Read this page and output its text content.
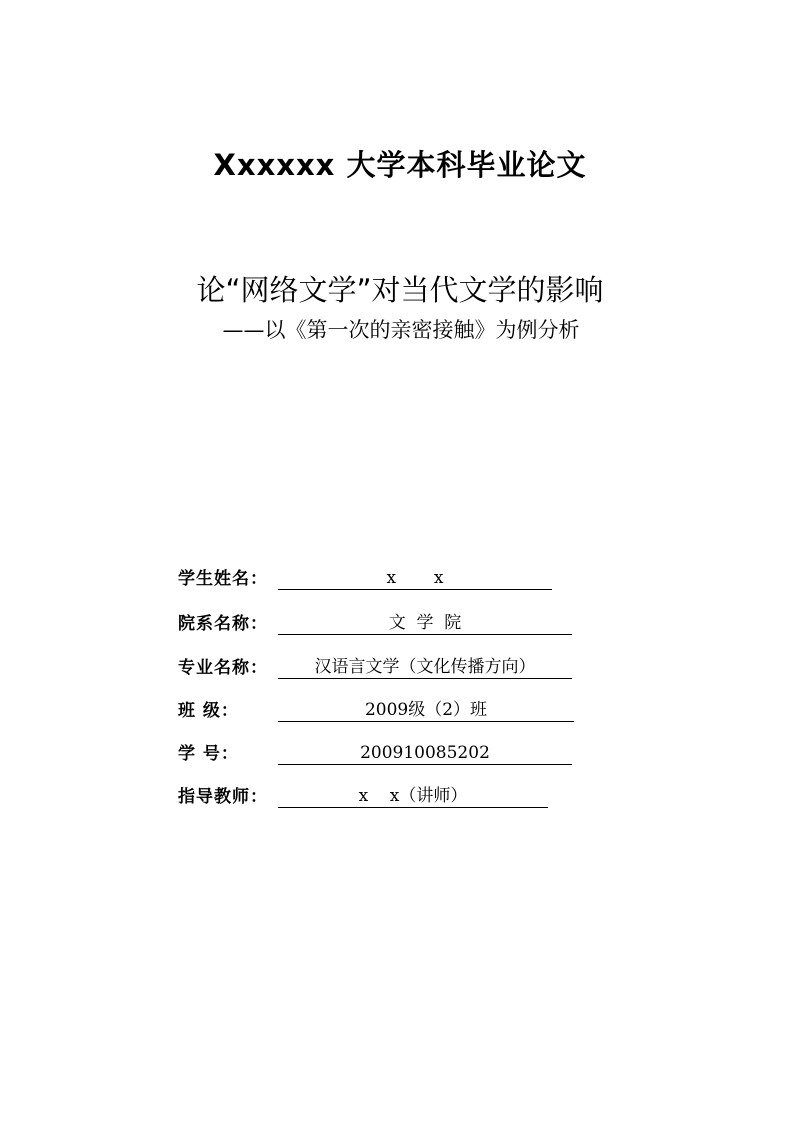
Xxxxxx 大学本科毕业论文
论“网络文学”对当代文学的影响
——以《第一次的亲密接触》为例分析
学生姓名：	x       x
院系名称：	文  学  院
专业名称：	汉语言文学（文化传播方向）
班 级：	2009级（2）班
学 号：	200910085202
指导教师：	x    x（讲师）
